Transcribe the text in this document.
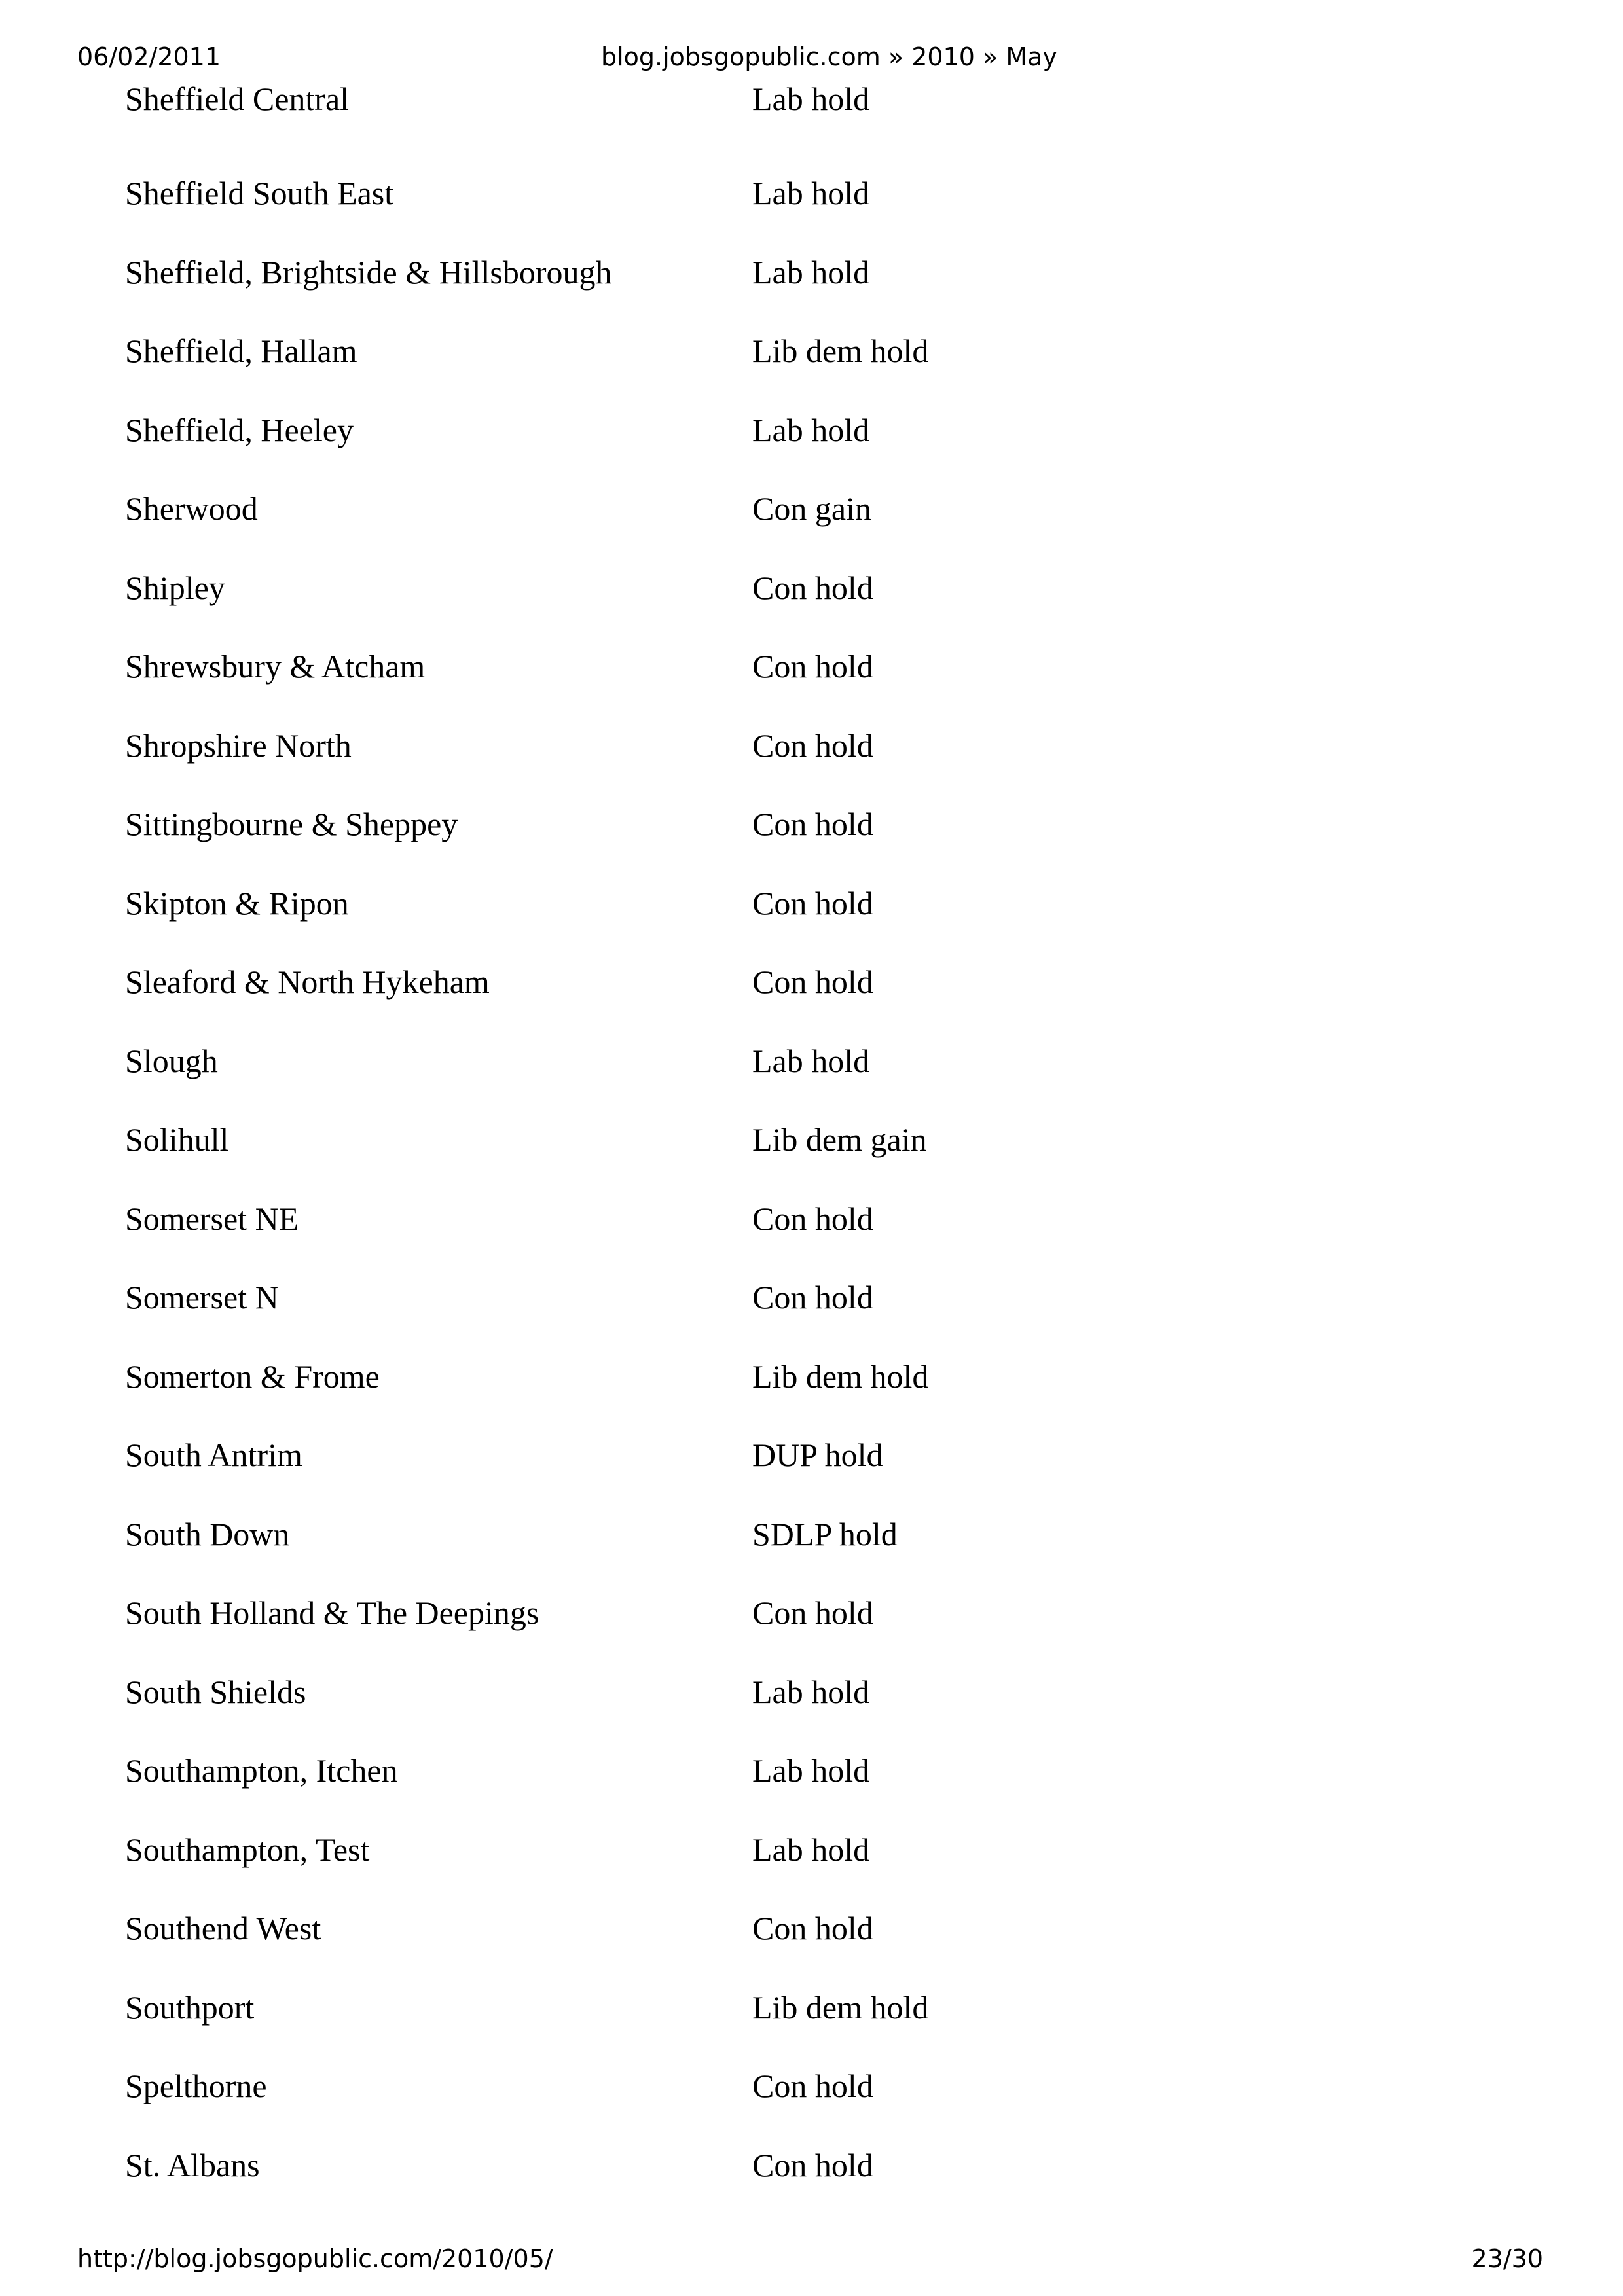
06/02/2011	blog.jobsgopublic.com » 2010 » May
Sheffield Central	Lab hold
Sheffield South East	Lab hold
Sheffield, Brightside & Hillsborough	Lab hold
Sheffield, Hallam	Lib dem hold
Sheffield, Heeley	Lab hold
Sherwood	Con gain
Shipley	Con hold
Shrewsbury & Atcham	Con hold
Shropshire North	Con hold
Sittingbourne & Sheppey	Con hold
Skipton & Ripon	Con hold
Sleaford & North Hykeham	Con hold
Slough	Lab hold
Solihull	Lib dem gain
Somerset NE	Con hold
Somerset N	Con hold
Somerton & Frome	Lib dem hold
South Antrim	DUP hold
South Down	SDLP hold
South Holland & The Deepings	Con hold
South Shields	Lab hold
Southampton, Itchen	Lab hold
Southampton, Test	Lab hold
Southend West	Con hold
Southport	Lib dem hold
Spelthorne	Con hold
St. Albans	Con hold
http://blog.jobsgopublic.com/2010/05/	23/30
